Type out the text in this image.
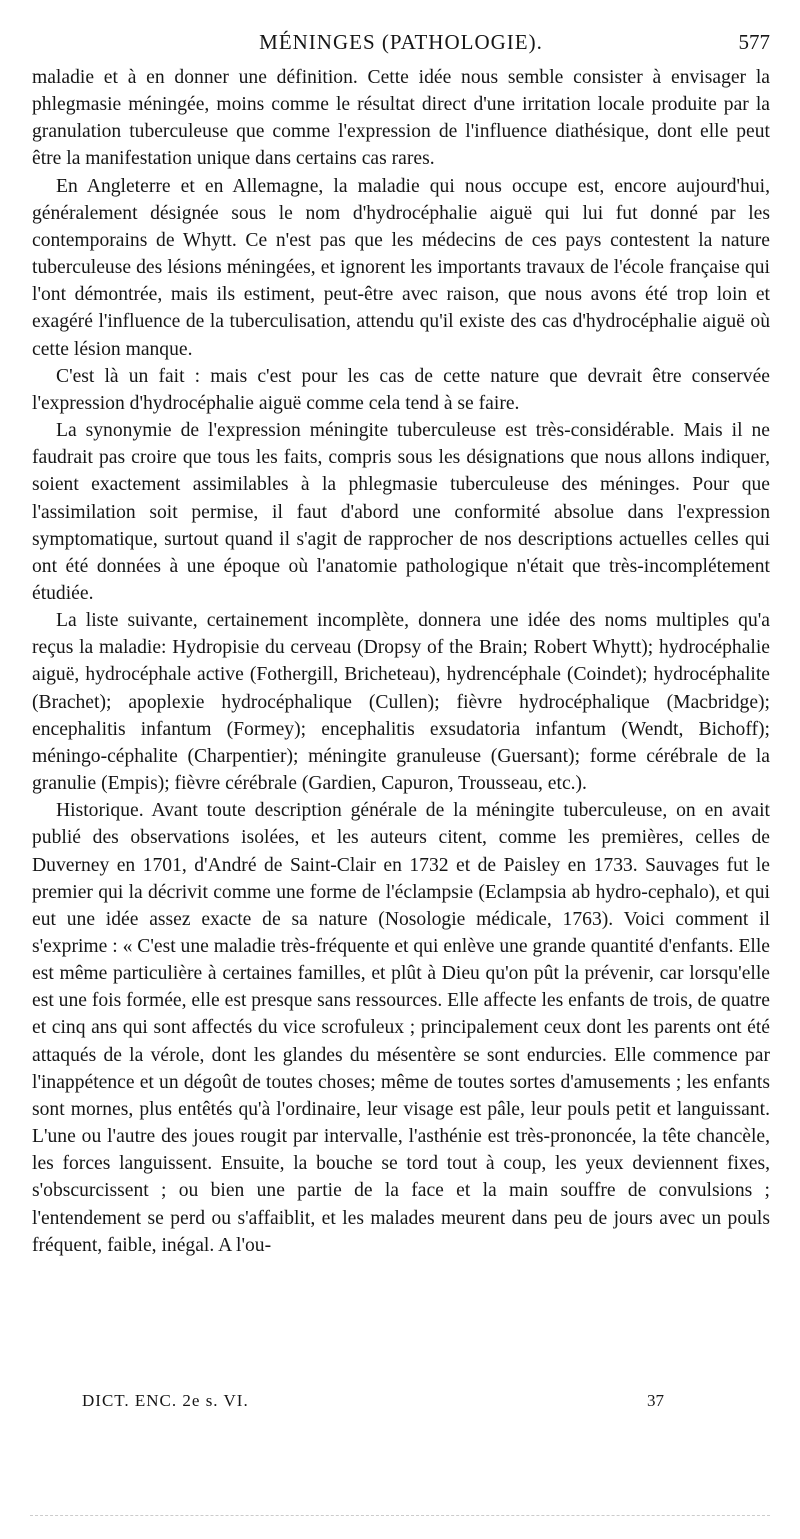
MÉNINGES (PATHOLOGIE).	577

maladie et à en donner une définition. Cette idée nous semble consister à envisager la phlegmasie méningée, moins comme le résultat direct d'une irritation locale produite par la granulation tuberculeuse que comme l'expression de l'influence diathésique, dont elle peut être la manifestation unique dans certains cas rares.

En Angleterre et en Allemagne, la maladie qui nous occupe est, encore aujourd'hui, généralement désignée sous le nom d'hydrocéphalie aiguë qui lui fut donné par les contemporains de Whytt. Ce n'est pas que les médecins de ces pays contestent la nature tuberculeuse des lésions méningées, et ignorent les importants travaux de l'école française qui l'ont démontrée, mais ils estiment, peut-être avec raison, que nous avons été trop loin et exagéré l'influence de la tuberculisation, attendu qu'il existe des cas d'hydrocéphalie aiguë où cette lésion manque.

C'est là un fait : mais c'est pour les cas de cette nature que devrait être conservée l'expression d'hydrocéphalie aiguë comme cela tend à se faire.

La synonymie de l'expression méningite tuberculeuse est très-considérable. Mais il ne faudrait pas croire que tous les faits, compris sous les désignations que nous allons indiquer, soient exactement assimilables à la phlegmasie tuberculeuse des méninges. Pour que l'assimilation soit permise, il faut d'abord une conformité absolue dans l'expression symptomatique, surtout quand il s'agit de rapprocher de nos descriptions actuelles celles qui ont été données à une époque où l'anatomie pathologique n'était que très-incomplétement étudiée.

La liste suivante, certainement incomplète, donnera une idée des noms multiples qu'a reçus la maladie: Hydropisie du cerveau (Dropsy of the Brain; Robert Whytt); hydrocéphalie aiguë, hydrocéphale active (Fothergill, Bricheteau), hydrencéphale (Coindet); hydrocéphalite (Brachet); apoplexie hydrocéphalique (Cullen); fièvre hydrocéphalique (Macbridge); encephalitis infantum (Formey); encephalitis exsudatoria infantum (Wendt, Bichoff); méningo-céphalite (Charpentier); méningite granuleuse (Guersant); forme cérébrale de la granulie (Empis); fièvre cérébrale (Gardien, Capuron, Trousseau, etc.).

Historique. Avant toute description générale de la méningite tuberculeuse, on en avait publié des observations isolées, et les auteurs citent, comme les premières, celles de Duverney en 1701, d'André de Saint-Clair en 1732 et de Paisley en 1733. Sauvages fut le premier qui la décrivit comme une forme de l'éclampsie (Eclampsia ab hydro-cephalo), et qui eut une idée assez exacte de sa nature (Nosologie médicale, 1763). Voici comment il s'exprime : « C'est une maladie très-fréquente et qui enlève une grande quantité d'enfants. Elle est même particulière à certaines familles, et plût à Dieu qu'on pût la prévenir, car lorsqu'elle est une fois formée, elle est presque sans ressources. Elle affecte les enfants de trois, de quatre et cinq ans qui sont affectés du vice scrofuleux ; principalement ceux dont les parents ont été attaqués de la vérole, dont les glandes du mésentère se sont endurcies. Elle commence par l'inappétence et un dégoût de toutes choses; même de toutes sortes d'amusements ; les enfants sont mornes, plus entêtés qu'à l'ordinaire, leur visage est pâle, leur pouls petit et languissant. L'une ou l'autre des joues rougit par intervalle, l'asthénie est très-prononcée, la tête chancèle, les forces languissent. Ensuite, la bouche se tord tout à coup, les yeux deviennent fixes, s'obscurcissent ; ou bien une partie de la face et la main souffre de convulsions ; l'entendement se perd ou s'affaiblit, et les malades meurent dans peu de jours avec un pouls fréquent, faible, inégal. A l'ou-

DICT. ENC. 2e s. VI.	37
